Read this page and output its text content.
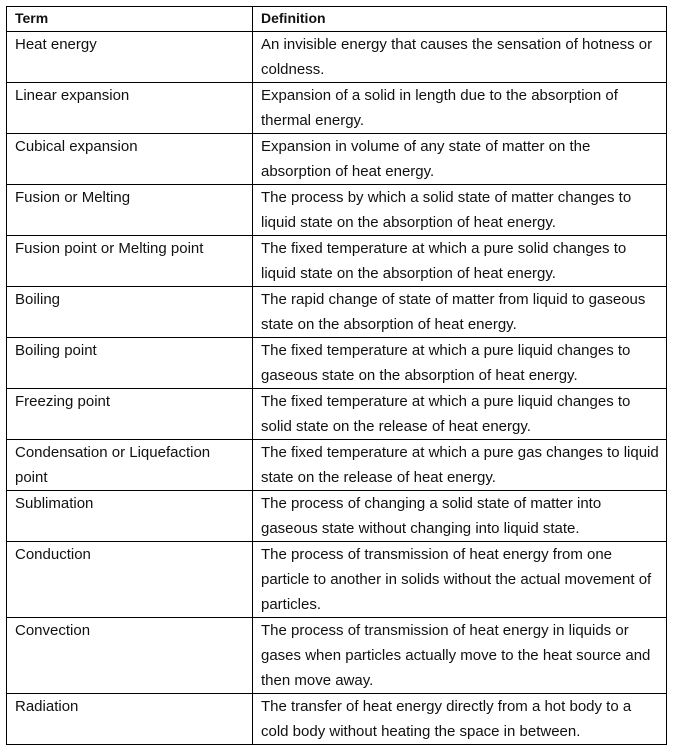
Term	Definition
Heat energy	An invisible energy that causes the sensation of hotness or coldness.
Linear expansion	Expansion of a solid in length due to the absorption of thermal energy.
Cubical expansion	Expansion in volume of any state of matter on the absorption of heat energy.
Fusion or Melting	The process by which a solid state of matter changes to liquid state on the absorption of heat energy.
Fusion point or Melting point	The fixed temperature at which a pure solid changes to liquid state on the absorption of heat energy.
Boiling	The rapid change of state of matter from liquid to gaseous state on the absorption of heat energy.
Boiling point	The fixed temperature at which a pure liquid changes to gaseous state on the absorption of heat energy.
Freezing point	The fixed temperature at which a pure liquid changes to solid state on the release of heat energy.
Condensation or Liquefaction point	The fixed temperature at which a pure gas changes to liquid state on the release of heat energy.
Sublimation	The process of changing a solid state of matter into gaseous state without changing into liquid state.
Conduction	The process of transmission of heat energy from one particle to another in solids without the actual movement of particles.
Convection	The process of transmission of heat energy in liquids or gases when particles actually move to the heat source and then move away.
Radiation	The transfer of heat energy directly from a hot body to a cold body without heating the space in between.
